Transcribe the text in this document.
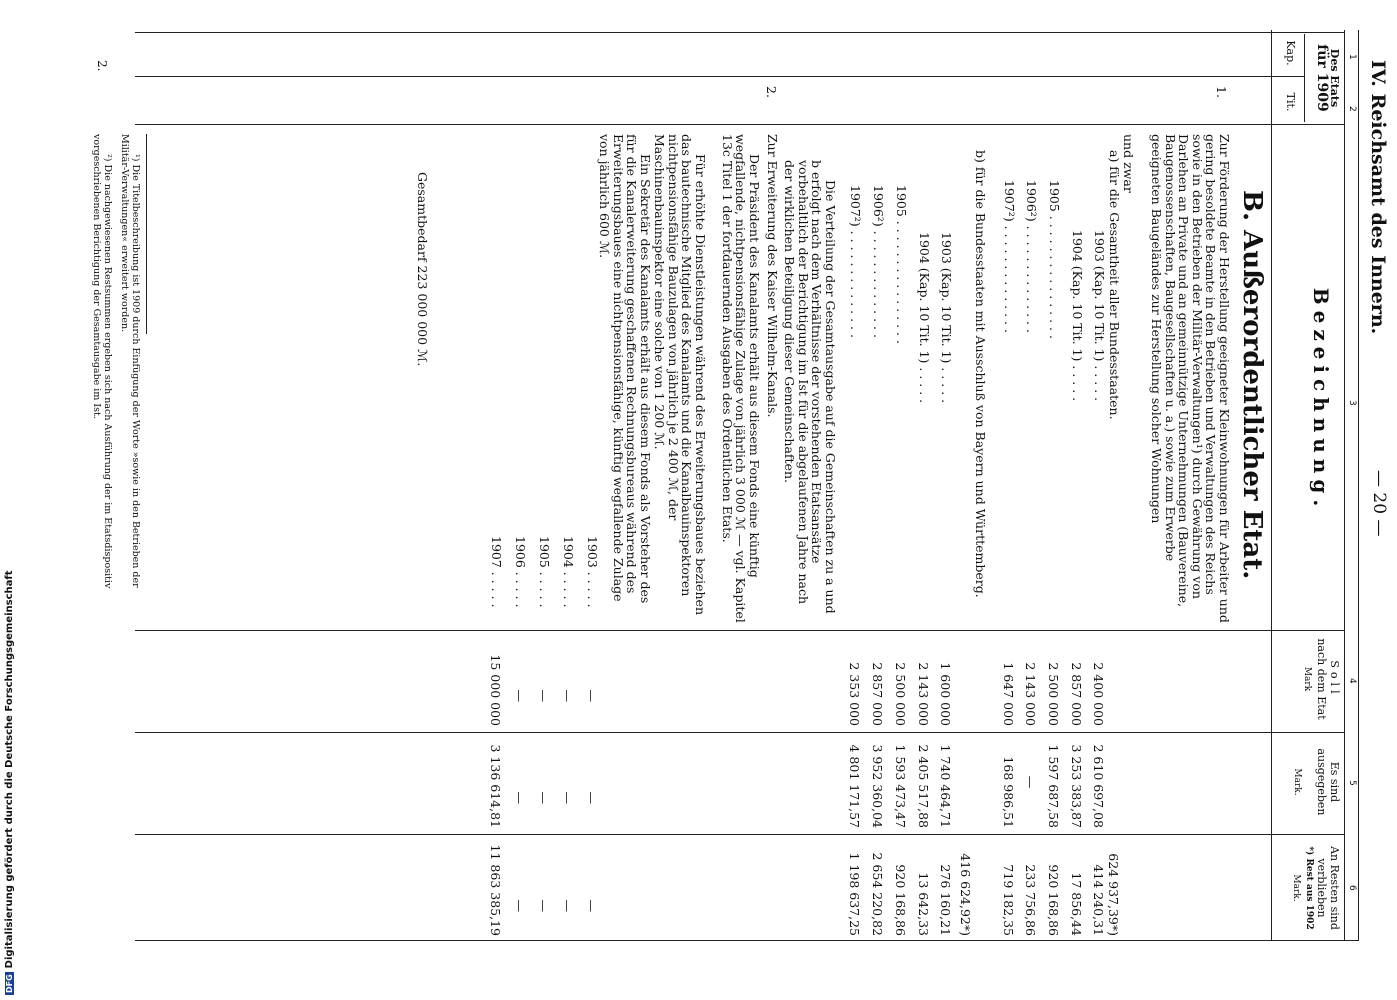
DFGDigitalisierung gefördert durch die Deutsche Forschungsgemeinschaft
IV. Reichsamt des Innern.
— 20 —
2.
1
2
3
4
5
6
Des Etats
für 1909
Kap.
Tit.
Bezeichnung.
Soll
nach dem Etat
Mark
Es sind ausgegeben
Mark.
An Resten sind verblieben
*) Rest aus 1902
Mark.
B. Außerordentlicher Etat.
1.
Zur Förderung der Herstellung geeigneter Kleinwohnungen für Arbeiter und gering besoldete Beamte in den Betrieben und Verwaltungen des Reichs sowie in den Betrieben der Militär-Verwaltungen¹) durch Gewährung von Darlehen an Private und an gemeinnützige Unternehmungen (Bauvereine, Baugenossenschaften, Baugesellschaften u. a.) sowie zum Erwerbe geeigneten Baugeländes zur Herstellung solcher Wohnungen
und zwar
a) für die Gesamtheit aller Bundesstaaten.
624 937,39*)
1903 (Kap. 10 Tit. 1) . . . . .
2 400 000
2 610 697,08
414 240,31
1904 (Kap. 10 Tit. 1) . . . . .
2 857 000
3 253 383,87
17 856,44
1905 . . . . . . . . . . . . . . . .
2 500 000
1 597 687,58
920 168,86
1906²) . . . . . . . . . . . . . .
2 143 000
—
233 756,86
1907²) . . . . . . . . . . . . . .
1 647 000
168 986,51
719 182,35
b) für die Bundesstaaten mit Ausschluß von Bayern und Württemberg.
416 624,92*)
1903 (Kap. 10 Tit. 1) . . . . .
1 600 000
1 740 464,71
276 160,21
1904 (Kap. 10 Tit. 1) . . . . .
2 143 000
2 405 517,88
13 642,33
1905 . . . . . . . . . . . . . . . .
2 500 000
1 593 473,47
920 168,86
1906²) . . . . . . . . . . . . . .
2 857 000
3 952 360,04
2 654 220,82
1907²) . . . . . . . . . . . . . .
2 353 000
4 801 171,57
1 198 637,25
Die Verteilung der Gesamtausgabe auf die Gemeinschaften zu a und b erfolgt nach dem Verhältnisse der vorstehenden Etatsansätze vorbehaltlich der Berichtigung im Ist für die abgelaufenen Jahre nach der wirklichen Beteiligung dieser Gemeinschaften.
2.
Zur Erweiterung des Kaiser Wilhelm-Kanals.
Der Präsident des Kanalamts erhält aus diesem Fonds eine künftig wegfallende, nichtpensionsfähige Zulage von jährlich 3 000 ℳ — vgl. Kapitel 13c Titel 1 der fortdauernden Ausgaben des Ordentlichen Etats.
Für erhöhte Dienstleistungen während des Erweiterungsbaues beziehen das bautechnische Mitglied des Kanalamts und die Kanalbauinspektoren nichtpensionsfähige Bauzulagen von jährlich je 2 400 ℳ, der Maschinenbauinspektor eine solche von 1 200 ℳ.
Ein Sekretär des Kanalamts erhält aus diesem Fonds als Vorsteher des für die Kanalerweiterung geschaffenen Rechnungsbureaus während des Erweiterungsbaues eine nichtpensionsfähige, künftig wegfallende Zulage von jährlich 600 ℳ.
1903 . . . . .
—
—
—
1904 . . . . .
—
—
—
1905 . . . . .
—
—
—
1906 . . . . .
—
—
—
1907 . . . . .
15 000 000
3 136 614,81
11 863 385,19
Gesamtbedarf 223 000 000 ℳ.
¹) Die Titelbeschreibung ist 1909 durch Einfügung der Worte »sowie in den Betrieben der Militär-Verwaltungen« erweitert worden.
²) Die nachgewiesenen Restsummen ergeben sich nach Ausführung der im Etatsdispositiv vorgeschriebenen Berichtigung der Gesamtausgabe im Ist.
